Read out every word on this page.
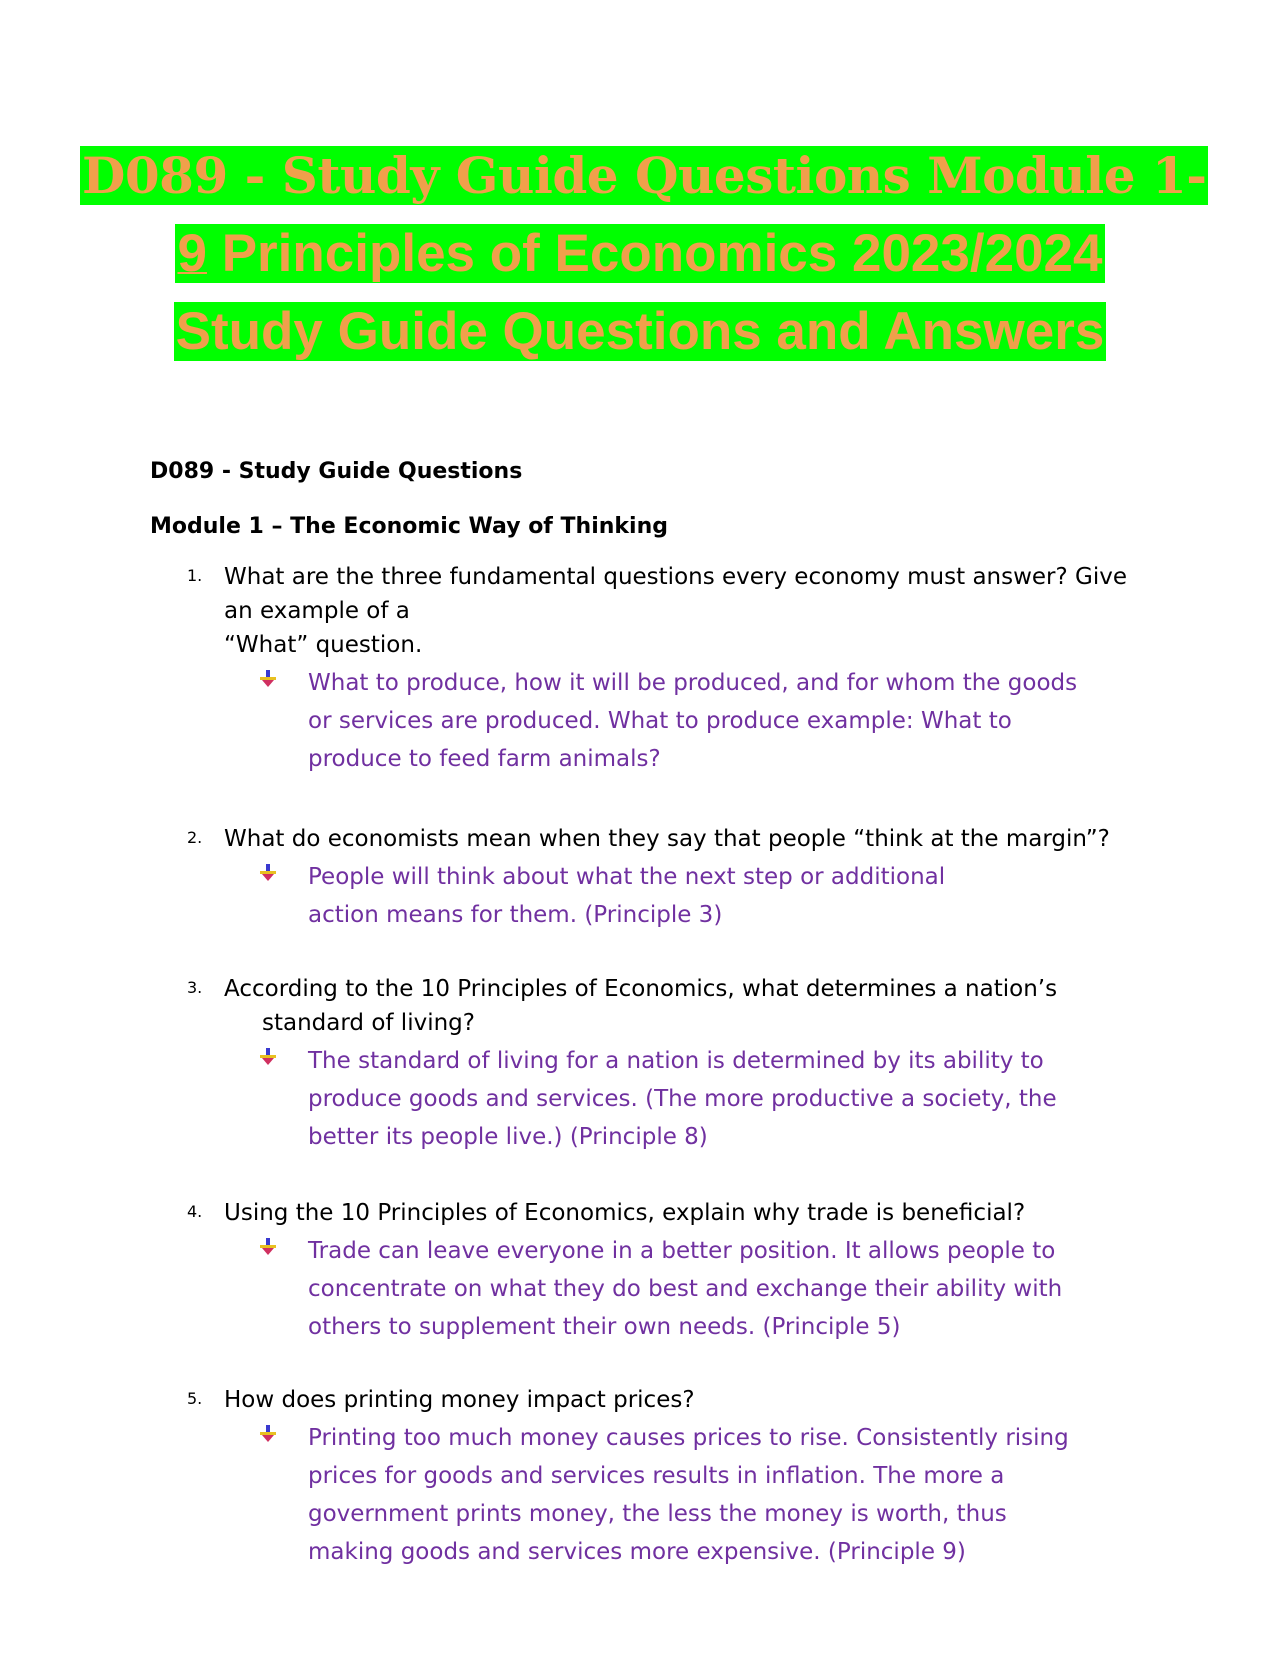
D089 - Study Guide Questions Module 1-
9 Principles of Economics 2023/2024
Study Guide Questions and Answers
D089 - Study Guide Questions
Module 1 – The Economic Way of Thinking
1. What are the three fundamental questions every economy must answer? Give an example of a
“What” question.
What to produce, how it will be produced, and for whom the goods or services are produced. What to produce example: What to produce to feed farm animals?
2. What do economists mean when they say that people “think at the margin”?
People will think about what the next step or additional action means for them. (Principle 3)
3. According to the 10 Principles of Economics, what determines a nation’s standard of living?
The standard of living for a nation is determined by its ability to produce goods and services. (The more productive a society, the better its people live.) (Principle 8)
4. Using the 10 Principles of Economics, explain why trade is beneficial?
Trade can leave everyone in a better position. It allows people to concentrate on what they do best and exchange their ability with others to supplement their own needs. (Principle 5)
5. How does printing money impact prices?
Printing too much money causes prices to rise. Consistently rising prices for goods and services results in inflation. The more a government prints money, the less the money is worth, thus making goods and services more expensive. (Principle 9)
